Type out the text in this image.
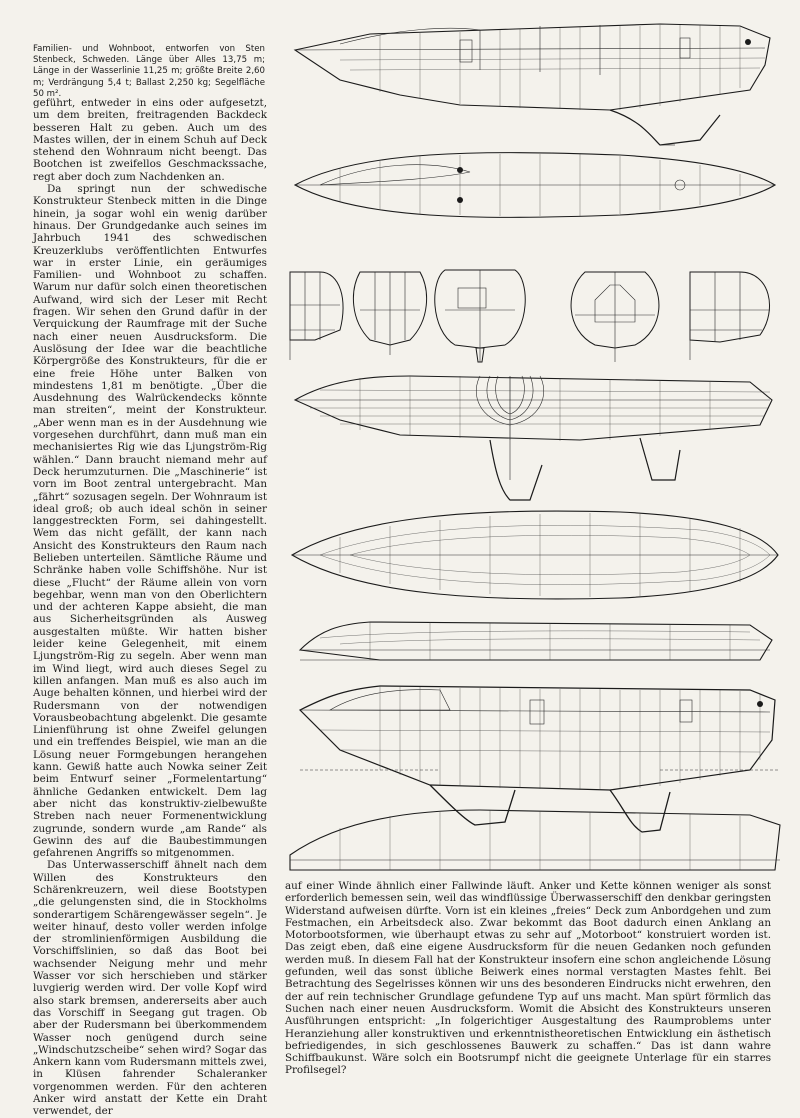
Familien- und Wohnboot, entworfen von Sten Stenbeck, Schweden. Länge über Alles 13,75 m; Länge in der Wasserlinie 11,25 m; größte Breite 2,60 m; Verdrängung 5,4 t; Ballast 2,250 kg; Segelfläche 50 m².

geführt, entweder in eins oder aufgesetzt, um dem breiten, freitragenden Backdeck besseren Halt zu geben. Auch um des Mastes willen, der in einem Schuh auf Deck stehend den Wohnraum nicht beengt. Das Bootchen ist zweifellos Geschmackssache, regt aber doch zum Nachdenken an.

Da springt nun der schwedische Konstrukteur Stenbeck mitten in die Dinge hinein, ja sogar wohl ein wenig darüber hinaus. Der Grundgedanke auch seines im Jahrbuch 1941 des schwedischen Kreuzerklubs veröffentlichten Entwurfes war in erster Linie, ein geräumiges Familien- und Wohnboot zu schaffen. Warum nur dafür solch einen theoretischen Aufwand, wird sich der Leser mit Recht fragen. Wir sehen den Grund dafür in der Verquickung der Raumfrage mit der Suche nach einer neuen Ausdrucksform. Die Auslösung der Idee war die beachtliche Körpergröße des Konstrukteurs, für die er eine freie Höhe unter Balken von mindestens 1,81 m benötigte. „Über die Ausdehnung des Walrückendecks könnte man streiten“, meint der Konstrukteur. „Aber wenn man es in der Ausdehnung wie vorgesehen durchführt, dann muß man ein mechanisiertes Rig wie das Ljungström-Rig wählen.“ Dann braucht niemand mehr auf Deck herumzuturnen. Die „Maschinerie“ ist vorn im Boot zentral untergebracht. Man „fährt“ sozusagen segeln. Der Wohnraum ist ideal groß; ob auch ideal schön in seiner langgestreckten Form, sei dahingestellt. Wem das nicht gefällt, der kann nach Ansicht des Konstrukteurs den Raum nach Belieben unterteilen. Sämtliche Räume und Schränke haben volle Schiffshöhe. Nur ist diese „Flucht“ der Räume allein von vorn begehbar, wenn man von den Oberlichtern und der achteren Kappe absieht, die man aus Sicherheitsgründen als Ausweg ausgestalten müßte. Wir hatten bisher leider keine Gelegenheit, mit einem Ljungström-Rig zu segeln. Aber wenn man im Wind liegt, wird auch dieses Segel zu killen anfangen. Man muß es also auch im Auge behalten können, und hierbei wird der Rudersmann von der notwendigen Vorausbeobachtung abgelenkt. Die gesamte Linienführung ist ohne Zweifel gelungen und ein treffendes Beispiel, wie man an die Lösung neuer Formgebungen herangehen kann. Gewiß hatte auch Nowka seiner Zeit beim Entwurf seiner „Formelentartung“ ähnliche Gedanken entwickelt. Dem lag aber nicht das konstruktiv-zielbewußte Streben nach neuer Formenentwicklung zugrunde, sondern wurde „am Rande“ als Gewinn des auf die Baubestimmungen gefahrenen Angriffs so mitgenommen.

Das Unterwasserschiff ähnelt nach dem Willen des Konstrukteurs den Schärenkreuzern, weil diese Bootstypen „die gelungensten sind, die in Stockholms sonderartigem Schärengewässer segeln“. Je weiter hinauf, desto voller werden infolge der stromlinienförmigen Ausbildung die Vorschiffslinien, so daß das Boot bei wachsender Neigung mehr und mehr Wasser vor sich herschieben und stärker luvgierig werden wird. Der volle Kopf wird also stark bremsen, andererseits aber auch das Vorschiff in Seegang gut tragen. Ob aber der Rudersmann bei überkommendem Wasser noch genügend durch seine „Windschutzscheibe“ sehen wird? Sogar das Ankern kann vom Rudersmann mittels zwei, in Klüsen fahrender Schaleranker vorgenommen werden. Für den achteren Anker wird anstatt der Kette ein Draht verwendet, der

auf einer Winde ähnlich einer Fallwinde läuft. Anker und Kette können weniger als sonst erforderlich bemessen sein, weil das windflüssige Überwasserschiff den denkbar geringsten Widerstand aufweisen dürfte. Vorn ist ein kleines „freies“ Deck zum Anbordgehen und zum Festmachen, ein Arbeitsdeck also. Zwar bekommt das Boot dadurch einen Anklang an Motorbootsformen, wie überhaupt etwas zu sehr auf „Motorboot“ konstruiert worden ist. Das zeigt eben, daß eine eigene Ausdrucksform für die neuen Gedanken noch gefunden werden muß. In diesem Fall hat der Konstrukteur insofern eine schon angleichende Lösung gefunden, weil das sonst übliche Beiwerk eines normal verstagten Mastes fehlt. Bei Betrachtung des Segelrisses können wir uns des besonderen Eindrucks nicht erwehren, den der auf rein technischer Grundlage gefundene Typ auf uns macht. Man spürt förmlich das Suchen nach einer neuen Ausdrucksform. Womit die Absicht des Konstrukteurs unseren Ausführungen entspricht: „In folgerichtiger Ausgestaltung des Raumproblems unter Heranziehung aller konstruktiven und erkenntnistheoretischen Entwicklung ein ästhetisch befriedigendes, in sich geschlossenes Bauwerk zu schaffen.“ Das ist dann wahre Schiffbaukunst. Wäre solch ein Bootsrumpf nicht die geeignete Unterlage für ein starres Profilsegel?
